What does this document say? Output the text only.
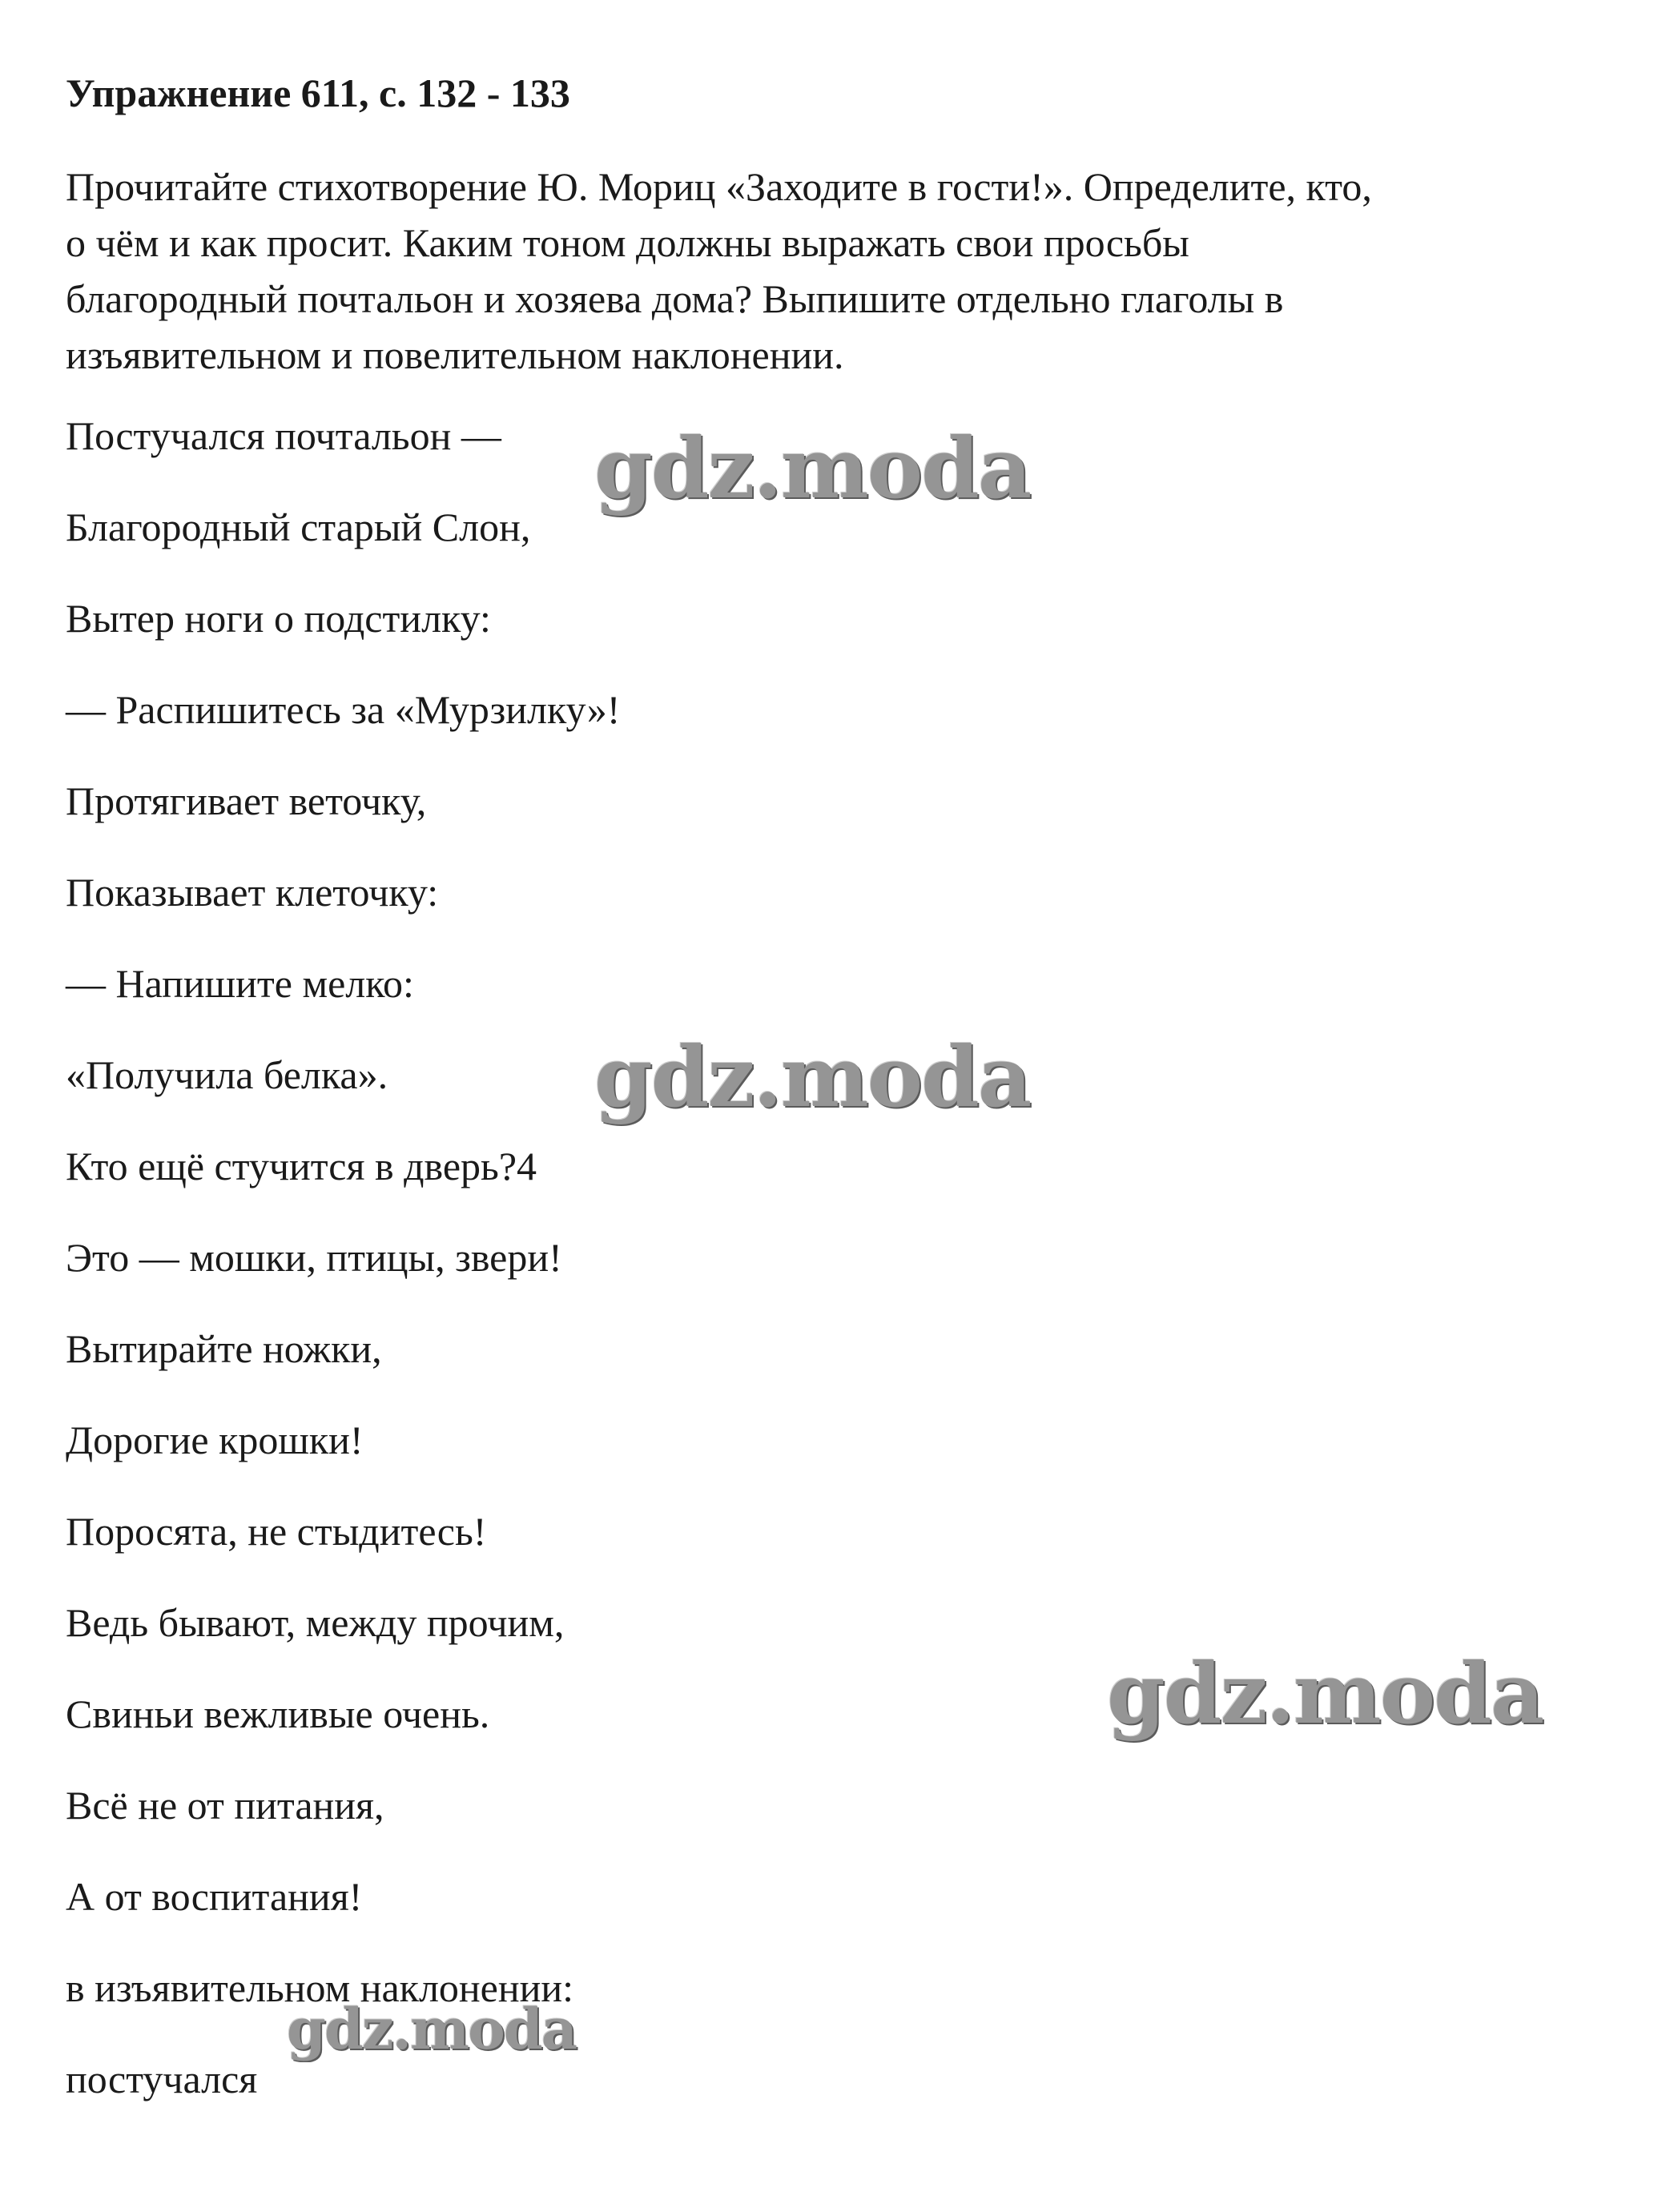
Упражнение 611, с. 132 - 133
Прочитайте стихотворение Ю. Мориц «Заходите в гости!». Определите, кто,
о чём и как просит. Каким тоном должны выражать свои просьбы
благородный почтальон и хозяева дома? Выпишите отдельно глаголы в
изъявительном и повелительном наклонении.
Постучался почтальон —
Благородный старый Слон,
Вытер ноги о подстилку:
— Распишитесь за «Мурзилку»!
Протягивает веточку,
Показывает клеточку:
— Напишите мелко:
«Получила белка».
Кто ещё стучится в дверь?4
Это — мошки, птицы, звери!
Вытирайте ножки,
Дорогие крошки!
Поросята, не стыдитесь!
Ведь бывают, между прочим,
Свиньи вежливые очень.
Всё не от питания,
А от воспитания!
в изъявительном наклонении:
постучался
gdz.moda
gdz.moda
gdz.moda
gdz.moda
